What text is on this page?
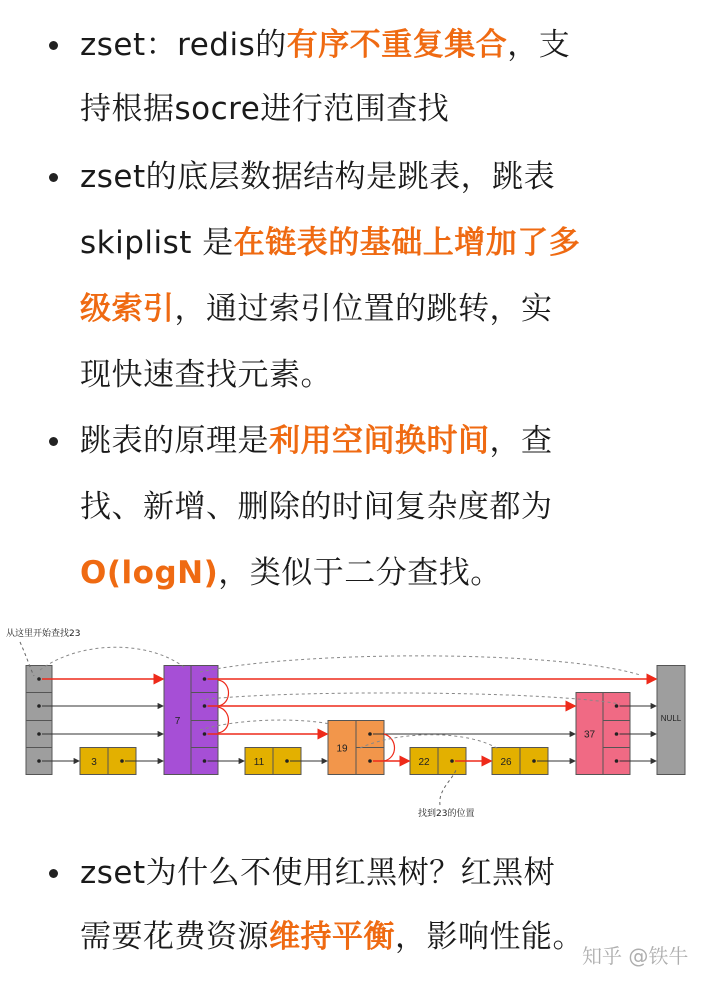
zset：redis的有序不重复集合，支
持根据socre进行范围查找
zset的底层数据结构是跳表，跳表
skiplist 是在链表的基础上增加了多
级索引，通过索引位置的跳转，实
现快速查找元素。
跳表的原理是利用空间换时间，查
找、新增、删除的时间复杂度都为
O(logN)，类似于二分查找。
zset为什么不使用红黑树？红黑树
需要花费资源维持平衡，影响性能。
3
7
11
19
22	26
37
NULL
从这里开始查找23
找到23的位置
知乎 @铁牛
